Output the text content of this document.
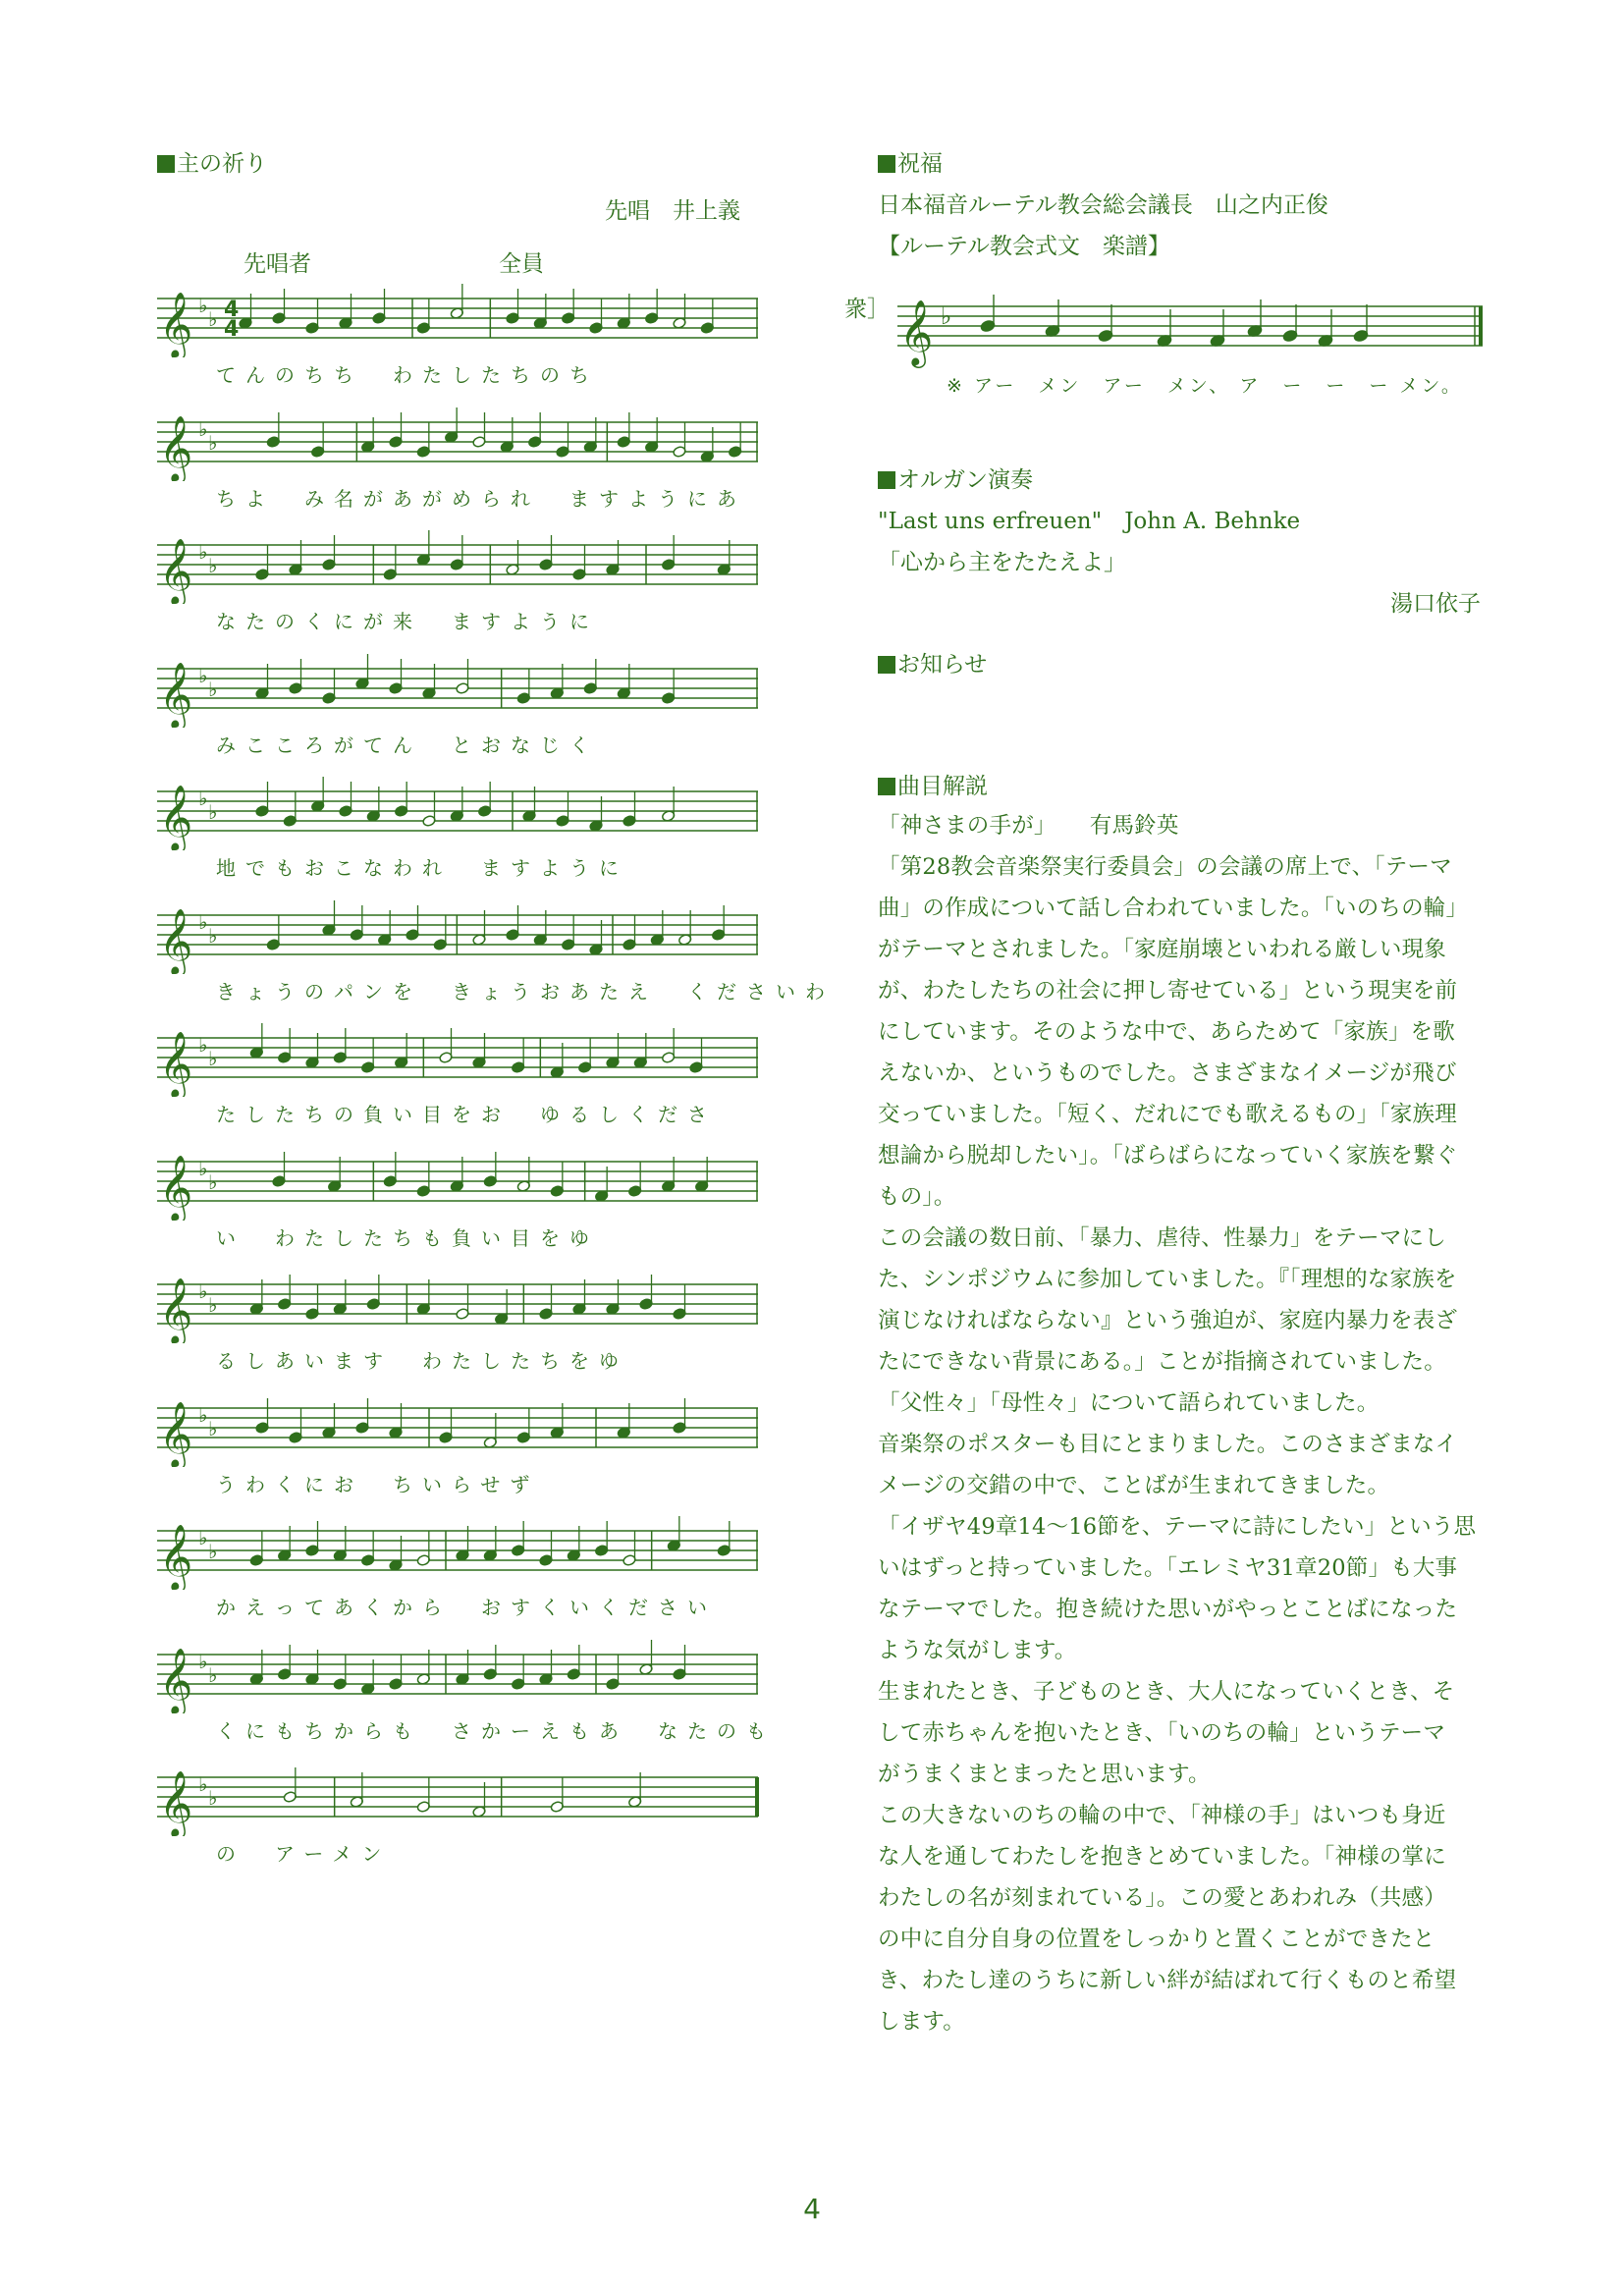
主の祈り
先唱　井上義
先唱者	全員
𝄞 ♭
♭ 4
4
てんのちち　わたしたちのち
𝄞 ♭
♭
ちよ　み名があがめられ　ますようにあ
𝄞 ♭
♭
なたのくにが来　ますように
𝄞 ♭
♭
みこころがてん　とおなじく
𝄞 ♭
♭
地でもおこなわれ　ますように
𝄞 ♭
♭
きょうのパンを　きょうおあたえ　くださいわ
𝄞 ♭
♭
たしたちの負い目をお　ゆるしくださ
𝄞 ♭
♭
い　わたしたちも負い目をゆ
𝄞 ♭
♭
るしあいます　わたしたちをゆ
𝄞 ♭
♭
うわくにお　ちいらせず
𝄞 ♭
♭
かえってあくから　おすくいください
𝄞 ♭
♭
くにもちからも　さかーえもあ　なたのも
𝄞 ♭
♭
の　アーメン
祝福
日本福音ルーテル教会総会議長　山之内正俊
【ルーテル教会式文　楽譜】
衆］ 𝄞 ♭
※ アー　メン　アー　メン、 ア　ー　ー　ー メン。
オルガン演奏
"Last uns erfreuen"　John A. Behnke
「心から主をたたえよ」
湯口依子
お知らせ
曲目解説
「神さまの手が」　　有馬鈴英
「第28教会音楽祭実行委員会」の会議の席上で、「テーマ
曲」の作成について話し合われていました。「いのちの輪」
がテーマとされました。「家庭崩壊といわれる厳しい現象
が、わたしたちの社会に押し寄せている」という現実を前
にしています。そのような中で、あらためて「家族」を歌
えないか、というものでした。さまざまなイメージが飛び
交っていました。「短く、だれにでも歌えるもの」「家族理
想論から脱却したい」。「ばらばらになっていく家族を繋ぐ
もの」。
この会議の数日前、「暴力、虐待、性暴力」をテーマにし
た、シンポジウムに参加していました。『「理想的な家族を
演じなければならない』という強迫が、家庭内暴力を表ざ
たにできない背景にある。」ことが指摘されていました。
「父性々」「母性々」について語られていました。
音楽祭のポスターも目にとまりました。このさまざまなイ
メージの交錯の中で、ことばが生まれてきました。
「イザヤ49章14～16節を、テーマに詩にしたい」という思
いはずっと持っていました。「エレミヤ31章20節」も大事
なテーマでした。抱き続けた思いがやっとことばになった
ような気がします。
生まれたとき、子どものとき、大人になっていくとき、そ
して赤ちゃんを抱いたとき、「いのちの輪」というテーマ
がうまくまとまったと思います。
この大きないのちの輪の中で、「神様の手」はいつも身近
な人を通してわたしを抱きとめていました。「神様の掌に
わたしの名が刻まれている」。この愛とあわれみ（共感）
の中に自分自身の位置をしっかりと置くことができたと
き、わたし達のうちに新しい絆が結ばれて行くものと希望
します。
4
